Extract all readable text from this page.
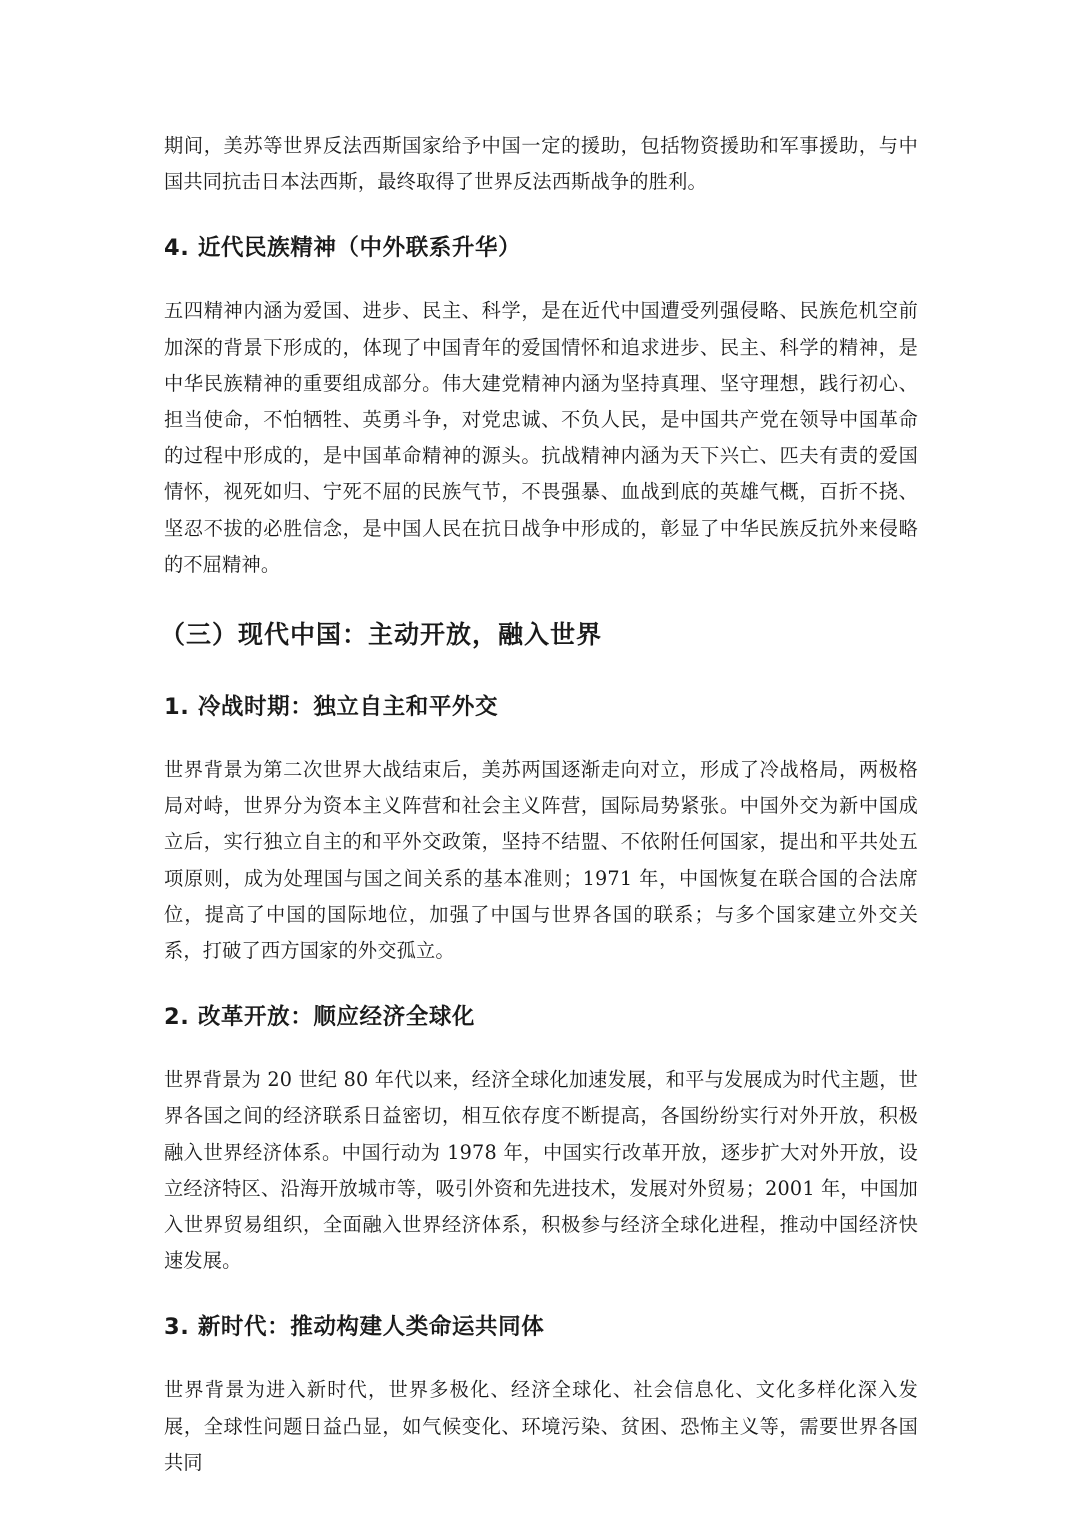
期间，美苏等世界反法西斯国家给予中国一定的援助，包括物资援助和军事援助，与中国共同抗击日本法西斯，最终取得了世界反法西斯战争的胜利。

4. 近代民族精神（中外联系升华）

五四精神内涵为爱国、进步、民主、科学，是在近代中国遭受列强侵略、民族危机空前加深的背景下形成的，体现了中国青年的爱国情怀和追求进步、民主、科学的精神，是中华民族精神的重要组成部分。伟大建党精神内涵为坚持真理、坚守理想，践行初心、担当使命，不怕牺牲、英勇斗争，对党忠诚、不负人民，是中国共产党在领导中国革命的过程中形成的，是中国革命精神的源头。抗战精神内涵为天下兴亡、匹夫有责的爱国情怀，视死如归、宁死不屈的民族气节，不畏强暴、血战到底的英雄气概，百折不挠、坚忍不拔的必胜信念，是中国人民在抗日战争中形成的，彰显了中华民族反抗外来侵略的不屈精神。

（三）现代中国：主动开放，融入世界
1. 冷战时期：独立自主和平外交

世界背景为第二次世界大战结束后，美苏两国逐渐走向对立，形成了冷战格局，两极格局对峙，世界分为资本主义阵营和社会主义阵营，国际局势紧张。中国外交为新中国成立后，实行独立自主的和平外交政策，坚持不结盟、不依附任何国家，提出和平共处五项原则，成为处理国与国之间关系的基本准则；1971 年，中国恢复在联合国的合法席位，提高了中国的国际地位，加强了中国与世界各国的联系；与多个国家建立外交关系，打破了西方国家的外交孤立。

2. 改革开放：顺应经济全球化

世界背景为 20 世纪 80 年代以来，经济全球化加速发展，和平与发展成为时代主题，世界各国之间的经济联系日益密切，相互依存度不断提高，各国纷纷实行对外开放，积极融入世界经济体系。中国行动为 1978 年，中国实行改革开放，逐步扩大对外开放，设立经济特区、沿海开放城市等，吸引外资和先进技术，发展对外贸易；2001 年，中国加入世界贸易组织，全面融入世界经济体系，积极参与经济全球化进程，推动中国经济快速发展。

3. 新时代：推动构建人类命运共同体

世界背景为进入新时代，世界多极化、经济全球化、社会信息化、文化多样化深入发展，全球性问题日益凸显，如气候变化、环境污染、贫困、恐怖主义等，需要世界各国共同
